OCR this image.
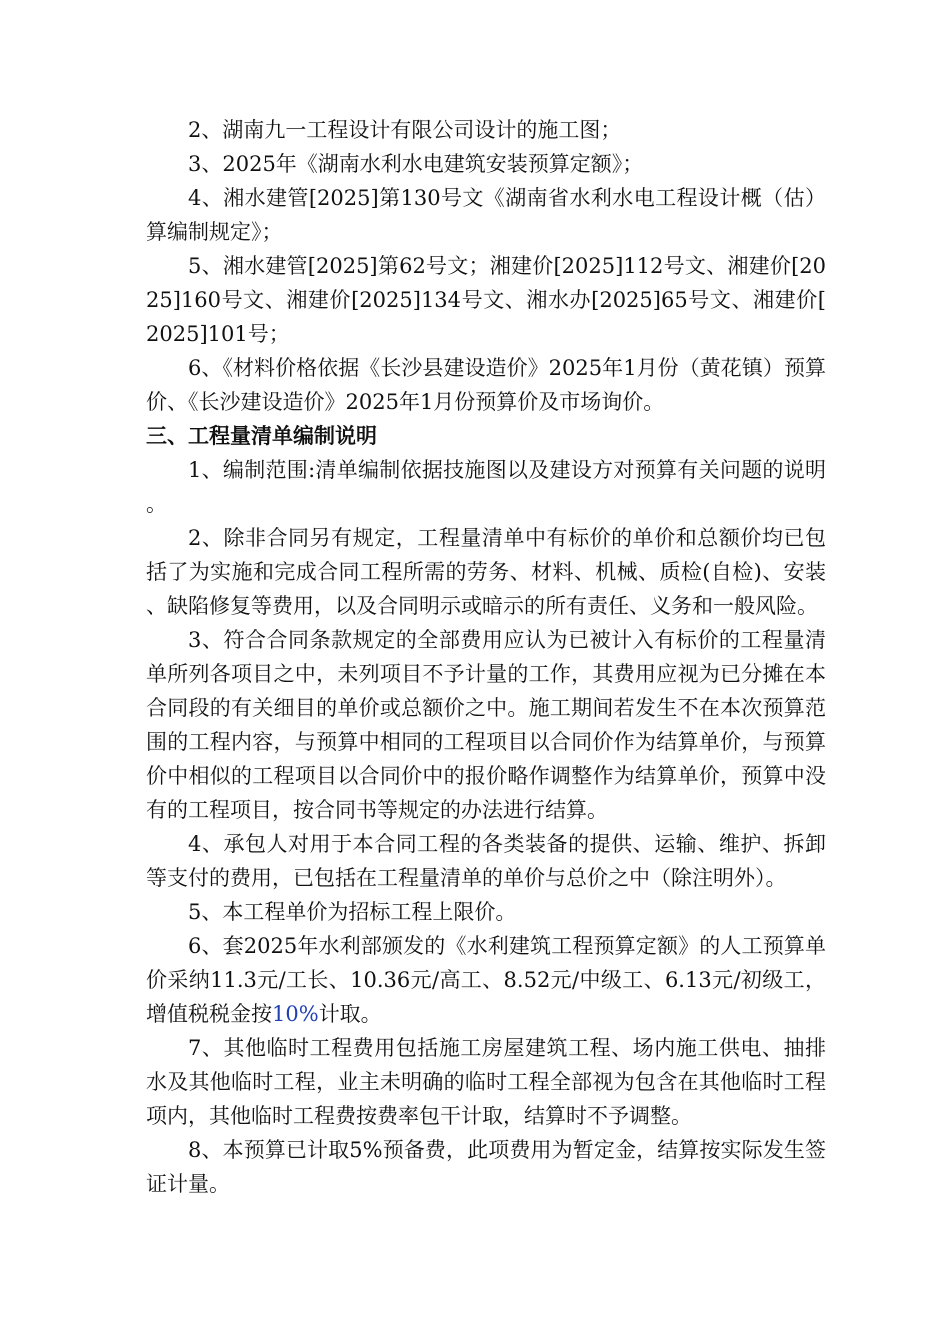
2、湖南九一工程设计有限公司设计的施工图；

3、2025年《湖南水利水电建筑安装预算定额》；

4、湘水建管[2025]第130号文《湖南省水利水电工程设计概（估）算编制规定》；

5、湘水建管[2025]第62号文；湘建价[2025]112号文、湘建价[2025]160号文、湘建价[2025]134号文、湘水办[2025]65号文、湘建价[2025]101号；

6、《材料价格依据《长沙县建设造价》2025年1月份（黄花镇）预算价、《长沙建设造价》2025年1月份预算价及市场询价。

三、工程量清单编制说明

1、编制范围:清单编制依据技施图以及建设方对预算有关问题的说明。

2、除非合同另有规定，工程量清单中有标价的单价和总额价均已包括了为实施和完成合同工程所需的劳务、材料、机械、质检(自检)、安装、缺陷修复等费用，以及合同明示或暗示的所有责任、义务和一般风险。

3、符合合同条款规定的全部费用应认为已被计入有标价的工程量清单所列各项目之中，未列项目不予计量的工作，其费用应视为已分摊在本合同段的有关细目的单价或总额价之中。施工期间若发生不在本次预算范围的工程内容，与预算中相同的工程项目以合同价作为结算单价，与预算价中相似的工程项目以合同价中的报价略作调整作为结算单价，预算中没有的工程项目，按合同书等规定的办法进行结算。

4、承包人对用于本合同工程的各类装备的提供、运输、维护、拆卸等支付的费用，已包括在工程量清单的单价与总价之中（除注明外）。

5、本工程单价为招标工程上限价。

6、套2025年水利部颁发的《水利建筑工程预算定额》的人工预算单价采纳11.3元/工长、10.36元/高工、8.52元/中级工、6.13元/初级工，增值税税金按10%计取。

7、其他临时工程费用包括施工房屋建筑工程、场内施工供电、抽排水及其他临时工程，业主未明确的临时工程全部视为包含在其他临时工程项内，其他临时工程费按费率包干计取，结算时不予调整。

8、本预算已计取5%预备费，此项费用为暂定金，结算按实际发生签证计量。
